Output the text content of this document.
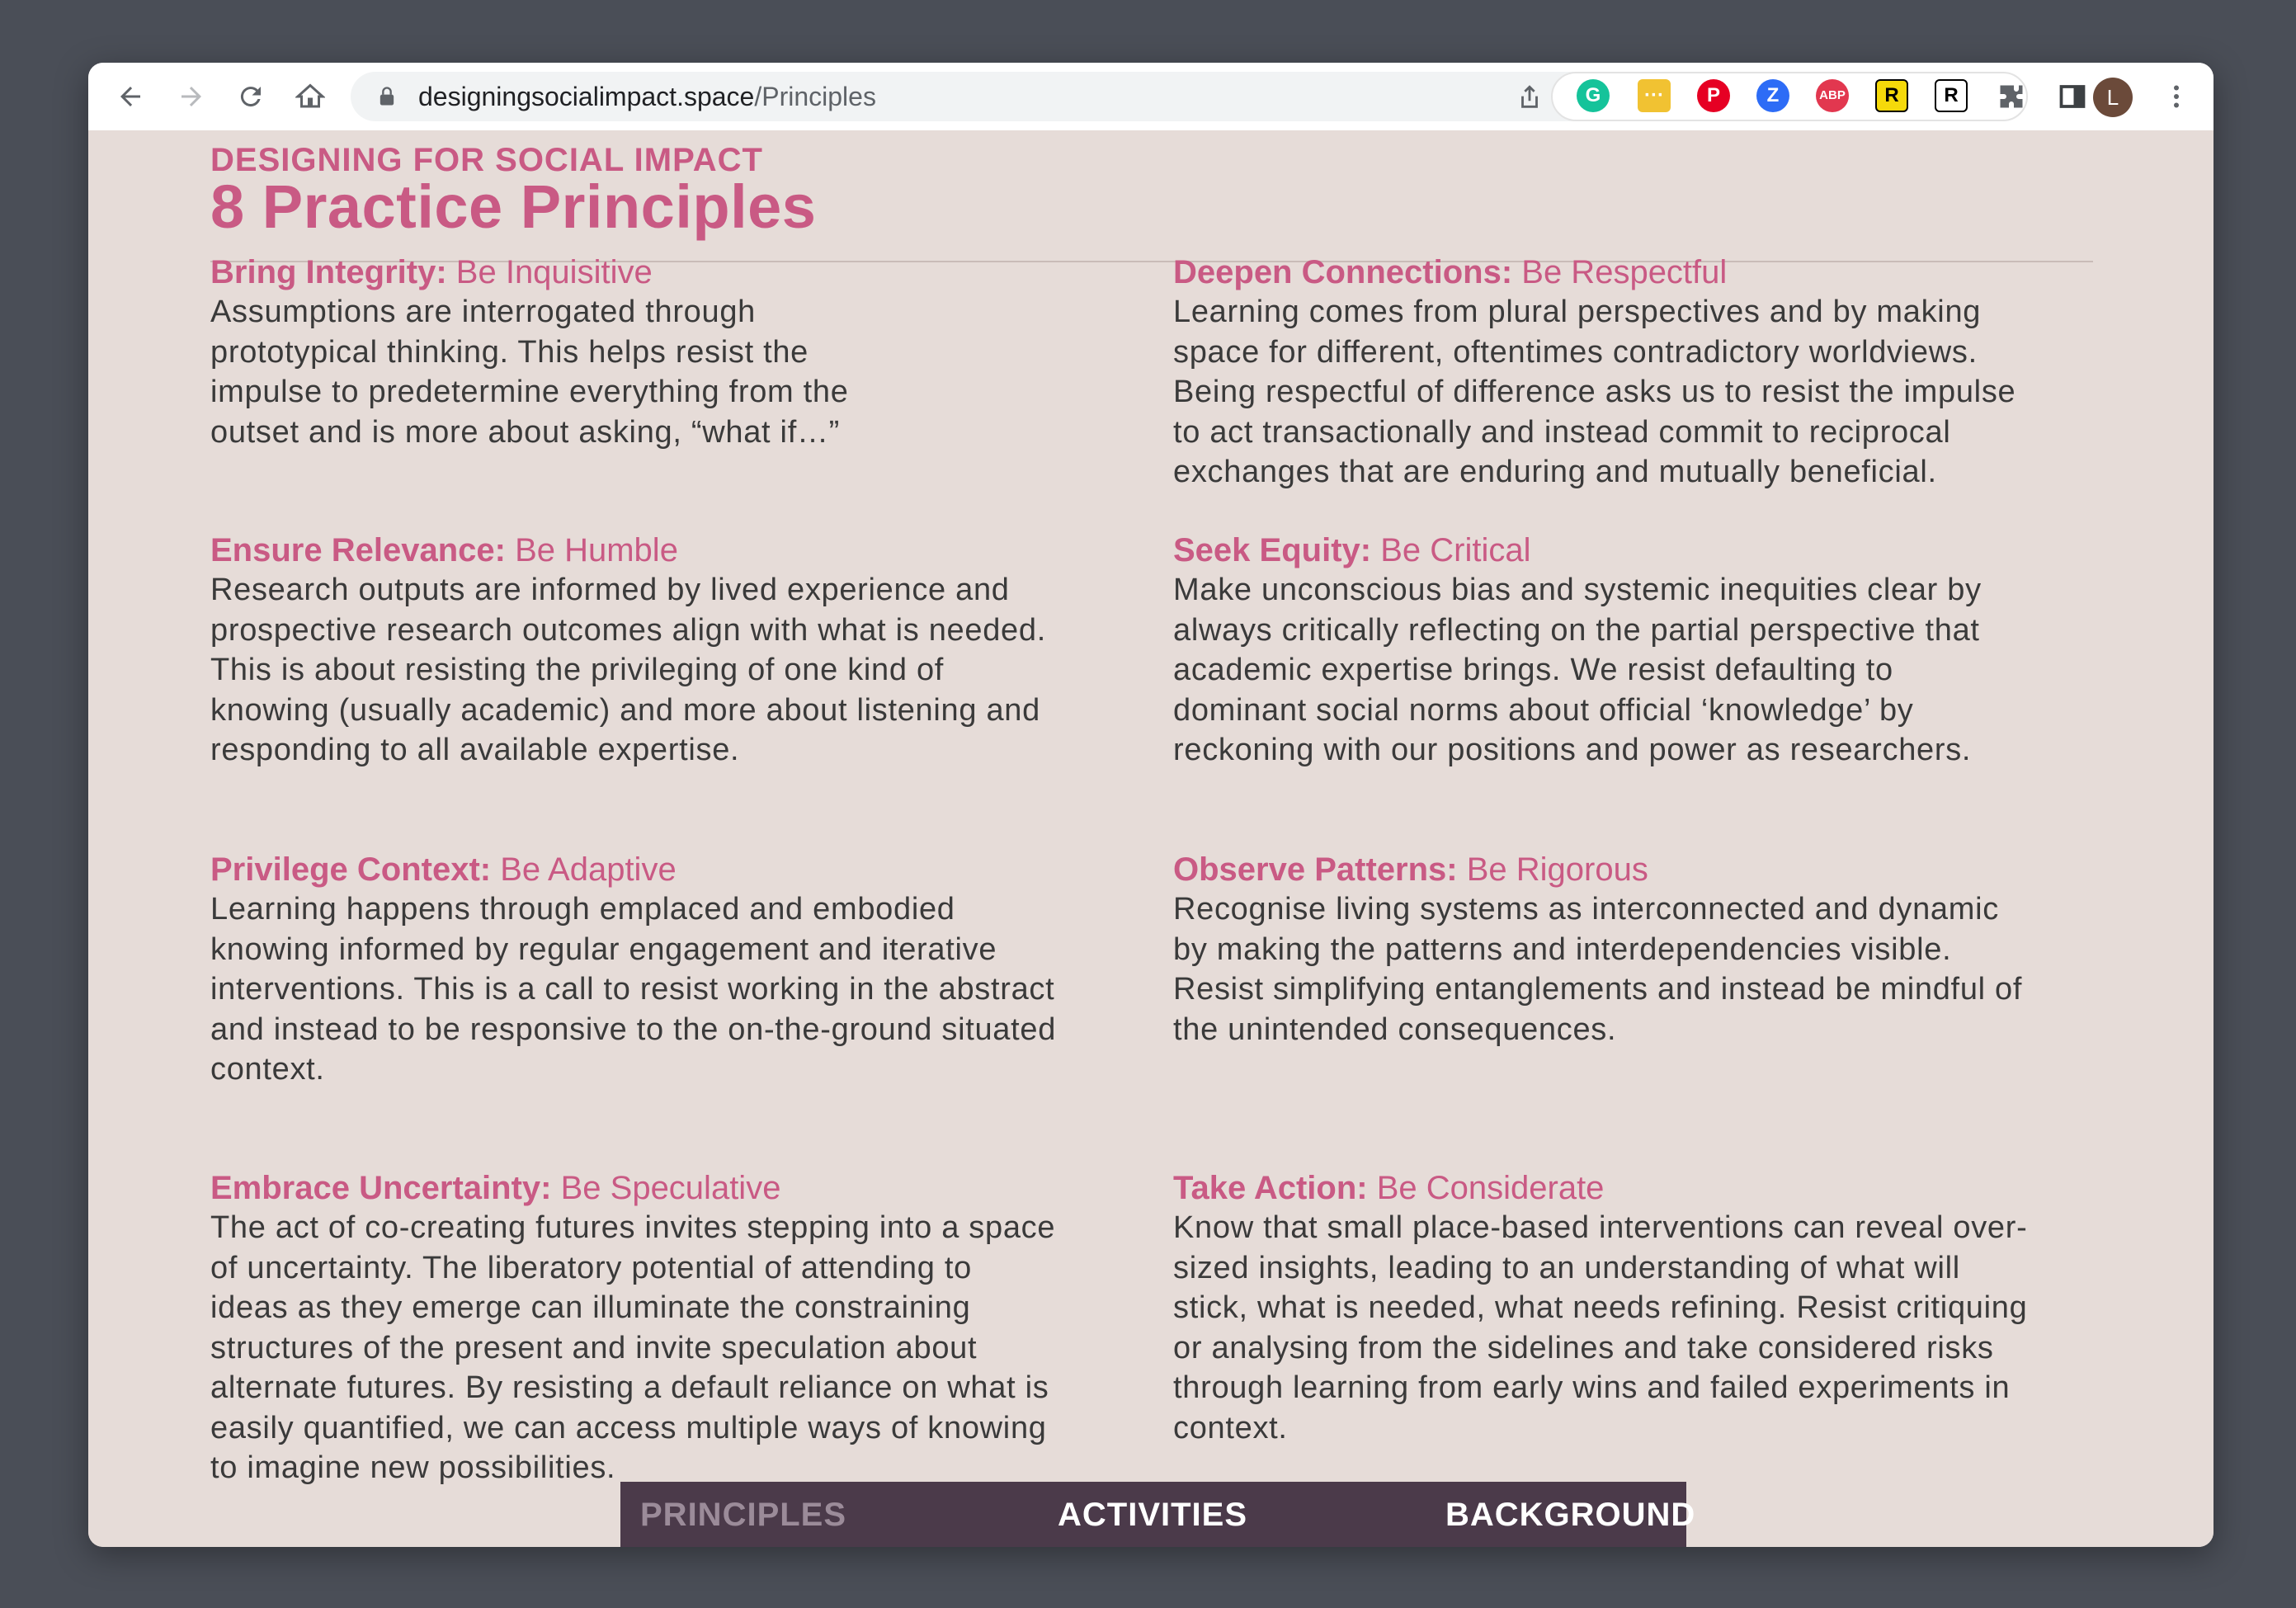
designingsocialimpact.space/Principles	G	···	P	Z	ABP	R	R	L
DESIGNING FOR SOCIAL IMPACT
8 Practice Principles
Bring Integrity: Be Inquisitive

Assumptions are interrogated through

prototypical thinking. This helps resist the

impulse to predetermine everything from the

outset and is more about asking, “what if…”

Deepen Connections: Be Respectful

Learning comes from plural perspectives and by making

space for different, oftentimes contradictory worldviews.

Being respectful of difference asks us to resist the impulse

to act transactionally and instead commit to reciprocal

exchanges that are enduring and mutually beneficial.

Ensure Relevance: Be Humble

Research outputs are informed by lived experience and

prospective research outcomes align with what is needed.

This is about resisting the privileging of one kind of

knowing (usually academic) and more about listening and

responding to all available expertise.

Seek Equity: Be Critical

Make unconscious bias and systemic inequities clear by

always critically reflecting on the partial perspective that

academic expertise brings. We resist defaulting to

dominant social norms about official ‘knowledge’ by

reckoning with our positions and power as researchers.

Privilege Context: Be Adaptive

Learning happens through emplaced and embodied

knowing informed by regular engagement and iterative

interventions. This is a call to resist working in the abstract

and instead to be responsive to the on-the-ground situated

context.

Observe Patterns: Be Rigorous

Recognise living systems as interconnected and dynamic

by making the patterns and interdependencies visible.

Resist simplifying entanglements and instead be mindful of

the unintended consequences.

Embrace Uncertainty: Be Speculative

The act of co-creating futures invites stepping into a space

of uncertainty. The liberatory potential of attending to

ideas as they emerge can illuminate the constraining

structures of the present and invite speculation about

alternate futures. By resisting a default reliance on what is

easily quantified, we can access multiple ways of knowing

to imagine new possibilities.

Take Action: Be Considerate

Know that small place-based interventions can reveal over-

sized insights, leading to an understanding of what will

stick, what is needed, what needs refining. Resist critiquing

or analysing from the sidelines and take considered risks

through learning from early wins and failed experiments in

context.

PRINCIPLES	ACTIVITIES	BACKGROUND
